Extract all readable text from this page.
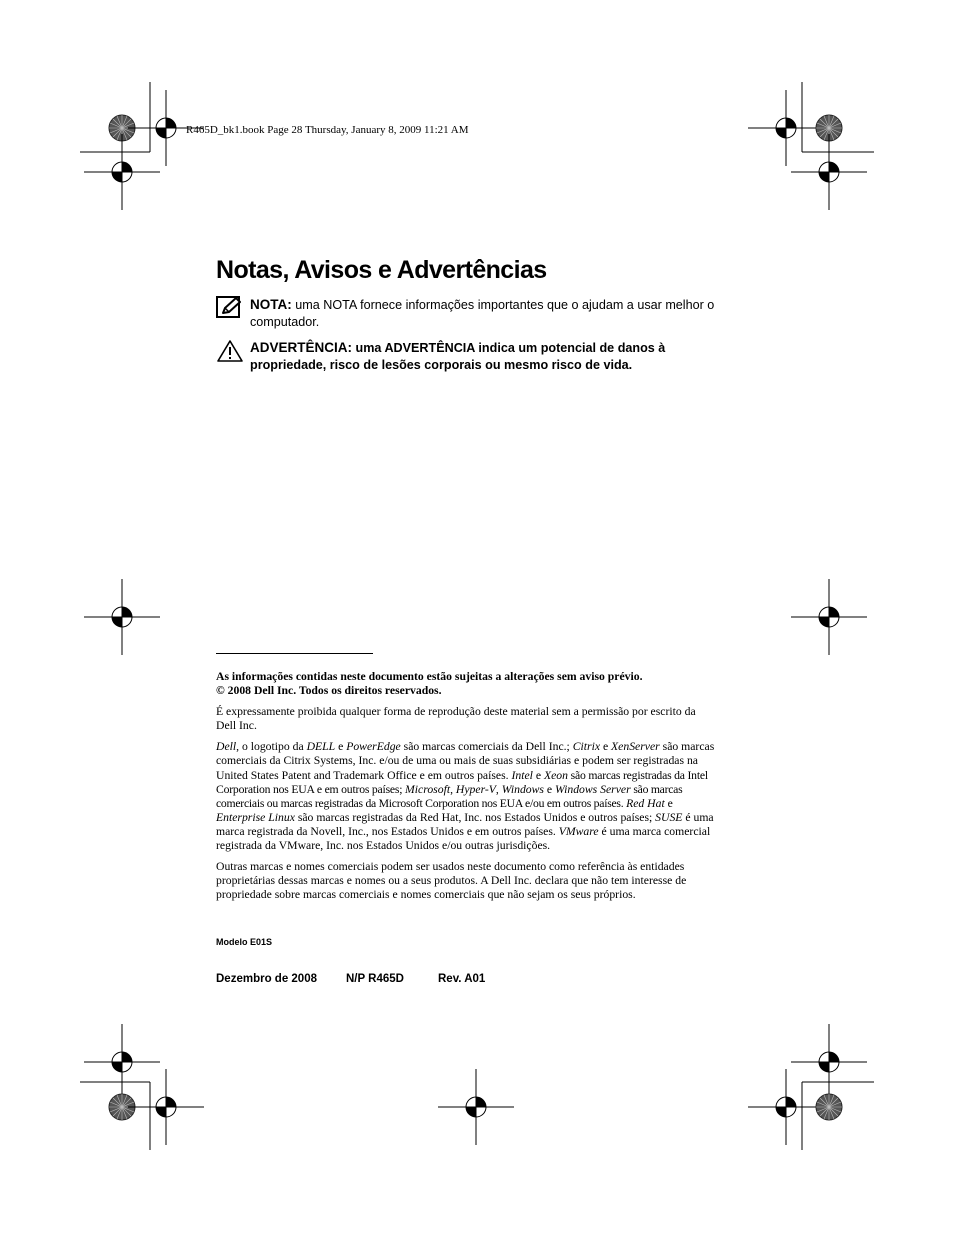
R465D_bk1.book Page 28 Thursday, January 8, 2009 11:21 AM
Notas, Avisos e Advertências
NOTA: uma NOTA fornece informações importantes que o ajudam a usar melhor o computador.
ADVERTÊNCIA: uma ADVERTÊNCIA indica um potencial de danos à propriedade, risco de lesões corporais ou mesmo risco de vida.

As informações contidas neste documento estão sujeitas a alterações sem aviso prévio.
© 2008 Dell Inc. Todos os direitos reservados.

É expressamente proibida qualquer forma de reprodução deste material sem a permissão por escrito da Dell Inc.

Dell, o logotipo da DELL e PowerEdge são marcas comerciais da Dell Inc.; Citrix e XenServer são marcas comerciais da Citrix Systems, Inc. e/ou de uma ou mais de suas subsidiárias e podem ser registradas na United States Patent and Trademark Office e em outros países. Intel e Xeon são marcas registradas da Intel Corporation nos EUA e em outros países; Microsoft, Hyper-V, Windows e Windows Server são marcas comerciais ou marcas registradas da Microsoft Corporation nos EUA e/ou em outros países. Red Hat e Enterprise Linux são marcas registradas da Red Hat, Inc. nos Estados Unidos e outros países; SUSE é uma marca registrada da Novell, Inc., nos Estados Unidos e em outros países. VMware é uma marca comercial registrada da VMware, Inc. nos Estados Unidos e/ou outras jurisdições.

Outras marcas e nomes comerciais podem ser usados neste documento como referência às entidades proprietárias dessas marcas e nomes ou a seus produtos. A Dell Inc. declara que não tem interesse de propriedade sobre marcas comerciais e nomes comerciais que não sejam os seus próprios.

Modelo E01S
Dezembro de 2008	N/P R465D	Rev. A01
